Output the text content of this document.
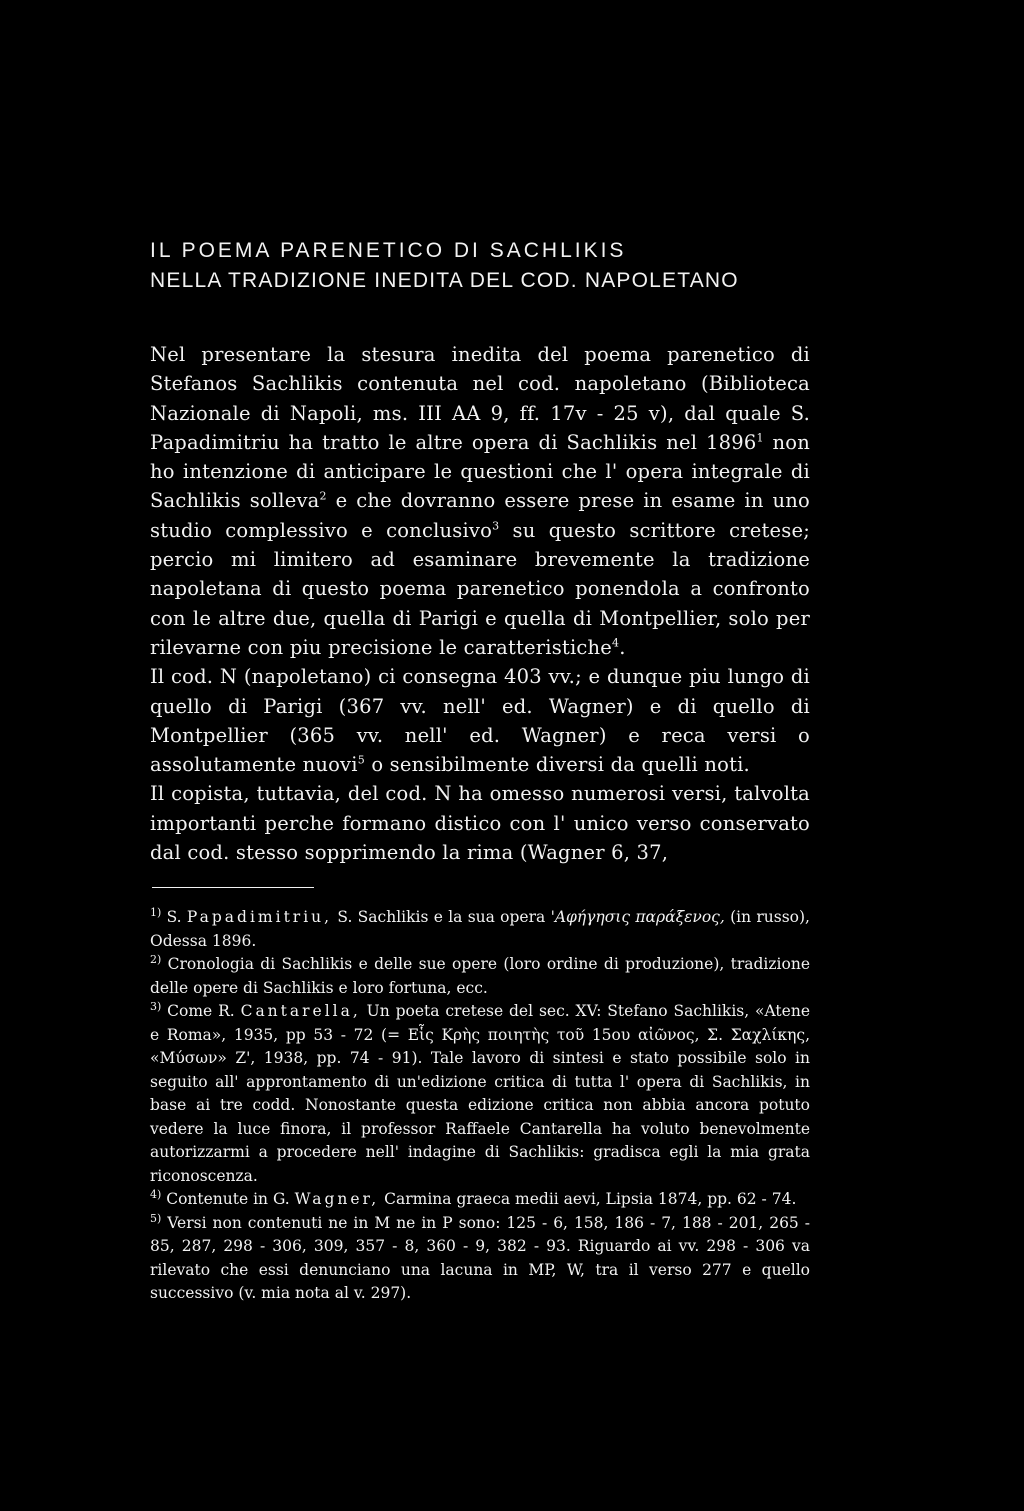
IL POEMA PARENETICO DI SACHLIKIS
NELLA TRADIZIONE INEDITA DEL COD. NAPOLETANO

Nel presentare la stesura inedita del poema parenetico di Stefanos Sachlikis contenuta nel cod. napoletano (Biblioteca Nazionale di Napoli, ms. III AA 9, ff. 17v - 25 v), dal quale S. Papadimitriu ha tratto le altre opera di Sachlikis nel 1896$^1$ non ho intenzione di anticipare le questioni che l' opera integrale di Sachlikis solleva$^2$ e che dovranno essere prese in esame in uno studio complessivo e conclusivo$^3$ su questo scrittore cretese; percio mi limitero ad esaminare brevemente la tradizione napoletana di questo poema parenetico ponendola a confronto con le altre due, quella di Parigi e quella di Montpellier, solo per rilevarne con piu precisione le caratteristiche$^4$.

Il cod. N (napoletano) ci consegna 403 vv.; e dunque piu lungo di quello di Parigi (367 vv. nell' ed. Wagner) e di quello di Montpellier (365 vv. nell' ed. Wagner) e reca versi o assolutamente nuovi$^5$ o sensibilmente diversi da quelli noti.

Il copista, tuttavia, del cod. N ha omesso numerosi versi, talvolta importanti perche formano distico con l' unico verso conservato dal cod. stesso sopprimendo la rima (Wagner 6, 37,

$^{1)}$ S. Papadimitriu, S. Sachlikis e la sua opera 'Αφήγησις παράξενος, (in russo), Odessa 1896.

$^{2)}$ Cronologia di Sachlikis e delle sue opere (loro ordine di produzione), tradizione delle opere di Sachlikis e loro fortuna, ecc.

$^{3)}$ Come R. Cantarella, Un poeta cretese del sec. XV: Stefano Sachlikis, «Atene e Roma», 1935, pp 53 - 72 (= Εἷς Κρὴς ποιητὴς τοῦ 15ου αἰῶνος, Σ. Σαχλίκης, «Μύσων» Ζ', 1938, pp. 74 - 91). Tale lavoro di sintesi e stato possibile solo in seguito all' approntamento di un'edizione critica di tutta l' opera di Sachlikis, in base ai tre codd. Nonostante questa edizione critica non abbia ancora potuto vedere la luce finora, il professor Raffaele Cantarella ha voluto benevolmente autorizzarmi a procedere nell' indagine di Sachlikis: gradisca egli la mia grata riconoscenza.

$^{4)}$ Contenute in G. Wagner, Carmina graeca medii aevi, Lipsia 1874, pp. 62 - 74.

$^{5)}$ Versi non contenuti ne in M ne in P sono: 125 - 6, 158, 186 - 7, 188 - 201, 265 - 85, 287, 298 - 306, 309, 357 - 8, 360 - 9, 382 - 93. Riguardo ai vv. 298 - 306 va rilevato che essi denunciano una lacuna in MP, W, tra il verso 277 e quello successivo (v. mia nota al v. 297).
